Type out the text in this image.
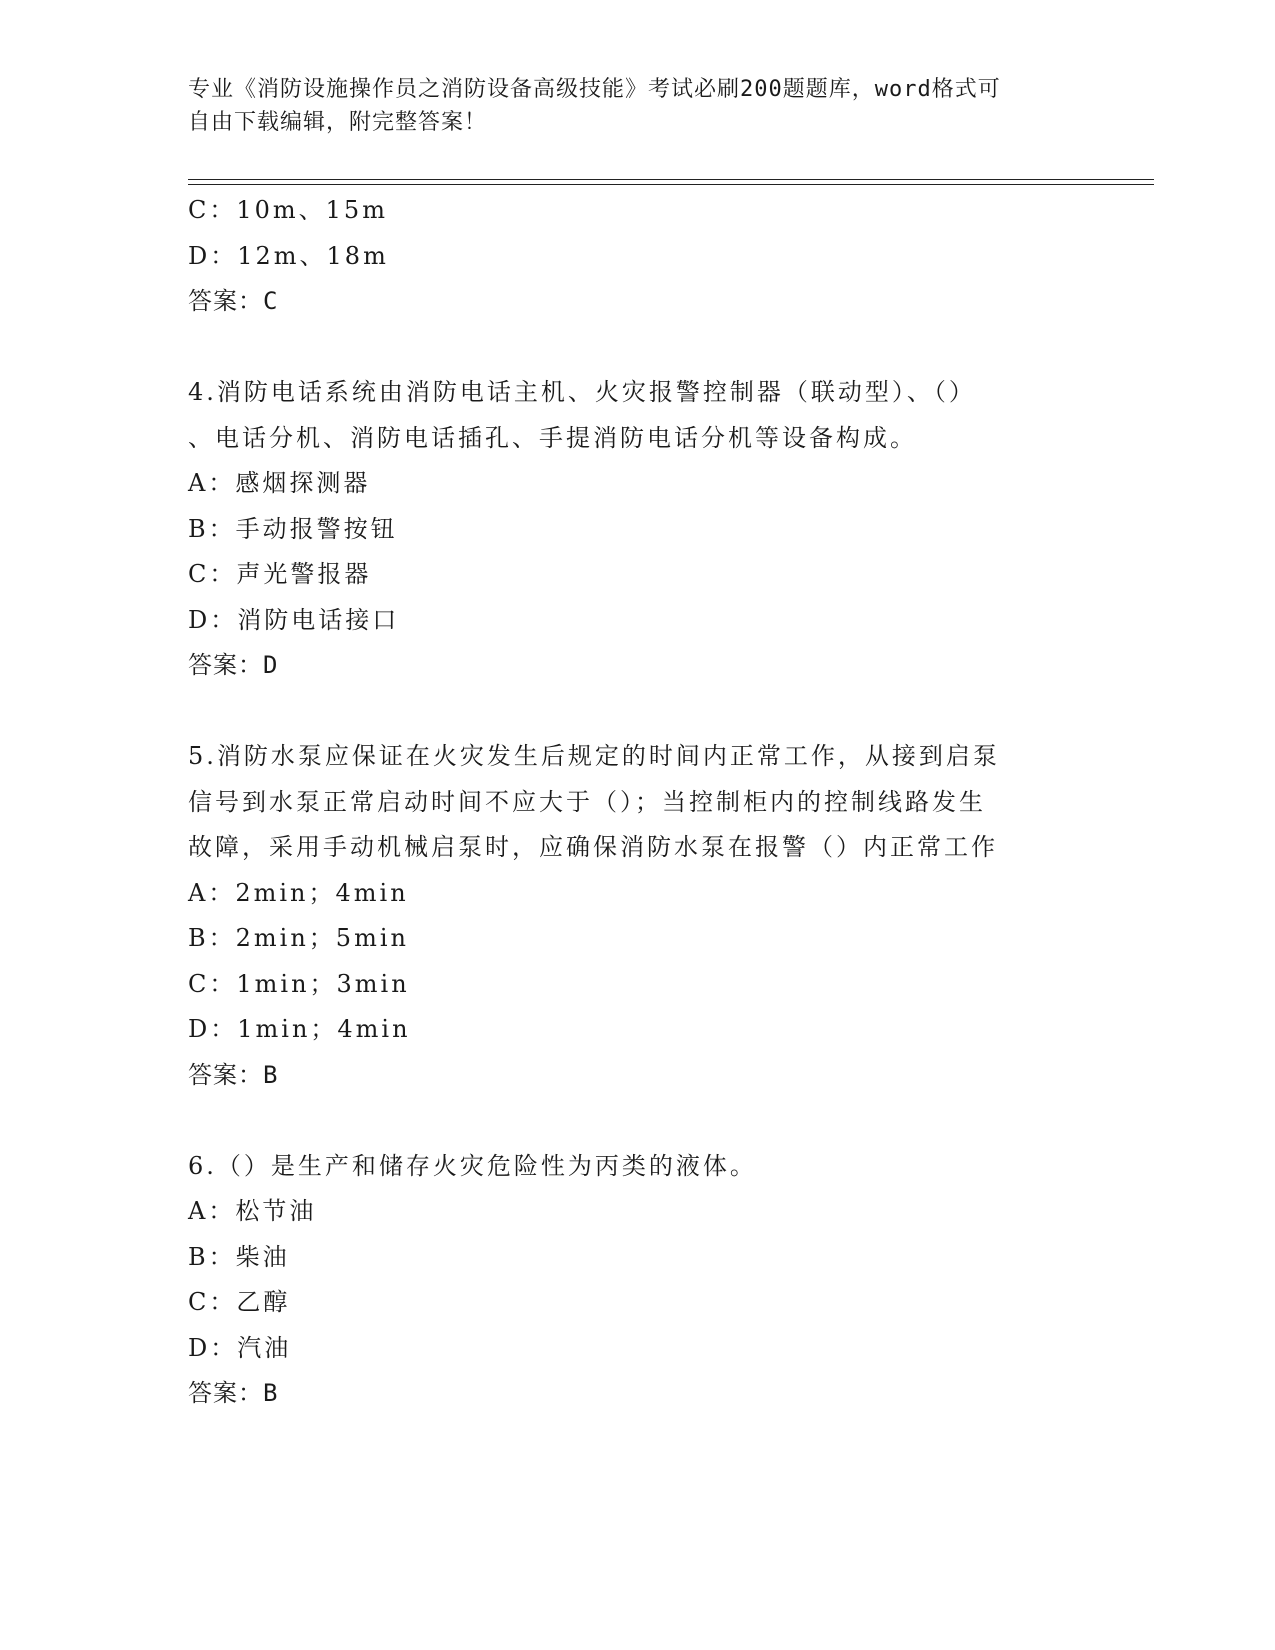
专业《消防设施操作员之消防设备高级技能》考试必刷200题题库，word格式可

自由下载编辑，附完整答案！

C：10m、15m
D：12m、18m
答案：C
4.消防电话系统由消防电话主机、火灾报警控制器（联动型）、（）
、电话分机、消防电话插孔、手提消防电话分机等设备构成。
A：感烟探测器
B：手动报警按钮
C：声光警报器
D：消防电话接口
答案：D
5.消防水泵应保证在火灾发生后规定的时间内正常工作，从接到启泵
信号到水泵正常启动时间不应大于（）；当控制柜内的控制线路发生
故障，采用手动机械启泵时，应确保消防水泵在报警（）内正常工作
A：2min；4min
B：2min；5min
C：1min；3min
D：1min；4min
答案：B
6.（）是生产和储存火灾危险性为丙类的液体。
A：松节油
B：柴油
C：乙醇
D：汽油
答案：B
